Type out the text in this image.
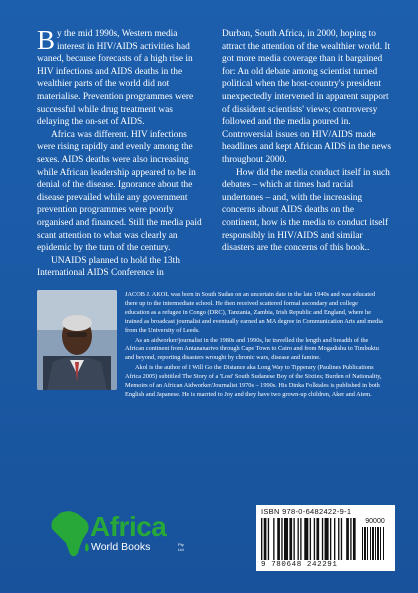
By the mid 1990s, Western media interest in HIV/AIDS activities had waned, because forecasts of a high rise in HIV infections and AIDS deaths in the wealthier parts of the world did not materialise. Prevention programmes were successful while drug treatment was delaying the on-set of AIDS.

Africa was different. HIV infections were rising rapidly and evenly among the sexes. AIDS deaths were also increasing while African leadership appeared to be in denial of the disease. Ignorance about the disease prevailed while any government prevention programmes were poorly organised and financed. Still the media paid scant attention to what was clearly an epidemic by the turn of the century.

UNAIDS planned to hold the 13th International AIDS Conference in

Durban, South Africa, in 2000, hoping to attract the attention of the wealthier world. It got more media coverage than it bargained for: An old debate among scientist turned political when the host-country's president unexpectedly intervened in apparent support of dissident scientists' views; controversy followed and the media poured in. Controversial issues on HIV/AIDS made headlines and kept African AIDS in the news throughout 2000.

How did the media conduct itself in such debates – which at times had racial undertones – and, with the increasing concerns about AIDS deaths on the continent, how is the media to conduct itself responsibly in HIV/AIDS and similar disasters are the concerns of this book..

JACOB J. AKOL was born in South Sudan on an uncertain date in the late 1940s and was educated there up to the intermediate school. He then received scattered formal secondary and college education as a refugee in Congo (DRC), Tanzania, Zambia, Irish Republic and England, where he trained as broadcast journalist and eventually earned an MA degree in Communication Arts and media from the University of Leeds.

As an aidworker/journalist in the 1980s and 1990s, he travelled the length and breadth of the African continent from Antananarivo through Cape Town to Cairo and from Mogadishu to Timbuktu and beyond, reporting disasters wrought by chronic wars, disease and famine.

Akol is the author of I Will Go the Distance aka Long Way to Tipperary (Paulines Publications Africa 2005) subtitled The Story of a 'Lost' South Sudanese Boy of the Sixties; Burden of Nationality, Memoirs of an African Aidworker/Journalist 1970s – 1990s. His Dinka Folktales is published in both English and Japanese. He is married to Joy and they have two grown-up children, Aker and Atem.

Africa
World Books	Pty Ltd
ISBN 978-0-6482422-9-1
90000
9 780648 242291
